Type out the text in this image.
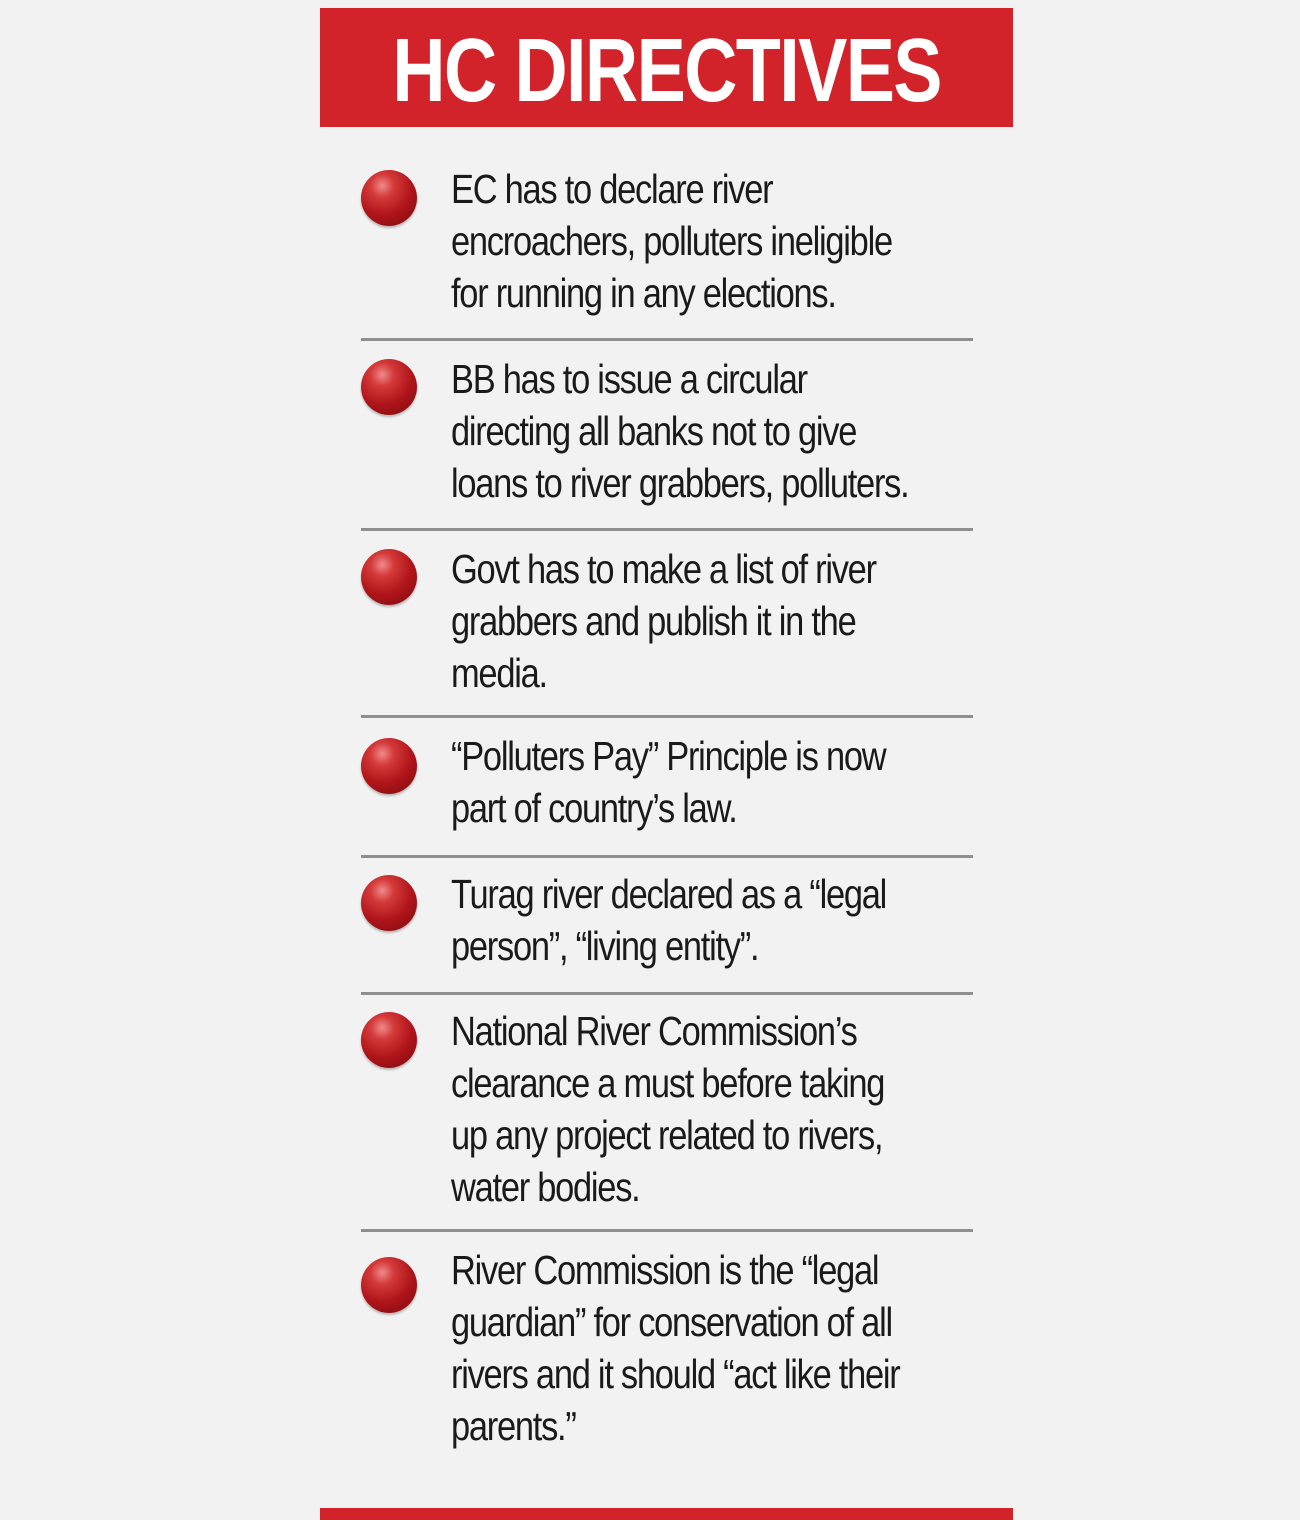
HC DIRECTIVES

EC has to declare river
encroachers, polluters ineligible
for running in any elections.

BB has to issue a circular
directing all banks not to give
loans to river grabbers, polluters.

Govt has to make a list of river
grabbers and publish it in the
media.

“Polluters Pay” Principle is now
part of country’s law.

Turag river declared as a “legal
person”, “living entity”.

National River Commission’s
clearance a must before taking
up any project related to rivers,
water bodies.

River Commission is the “legal
guardian” for conservation of all
rivers and it should “act like their
parents.”
